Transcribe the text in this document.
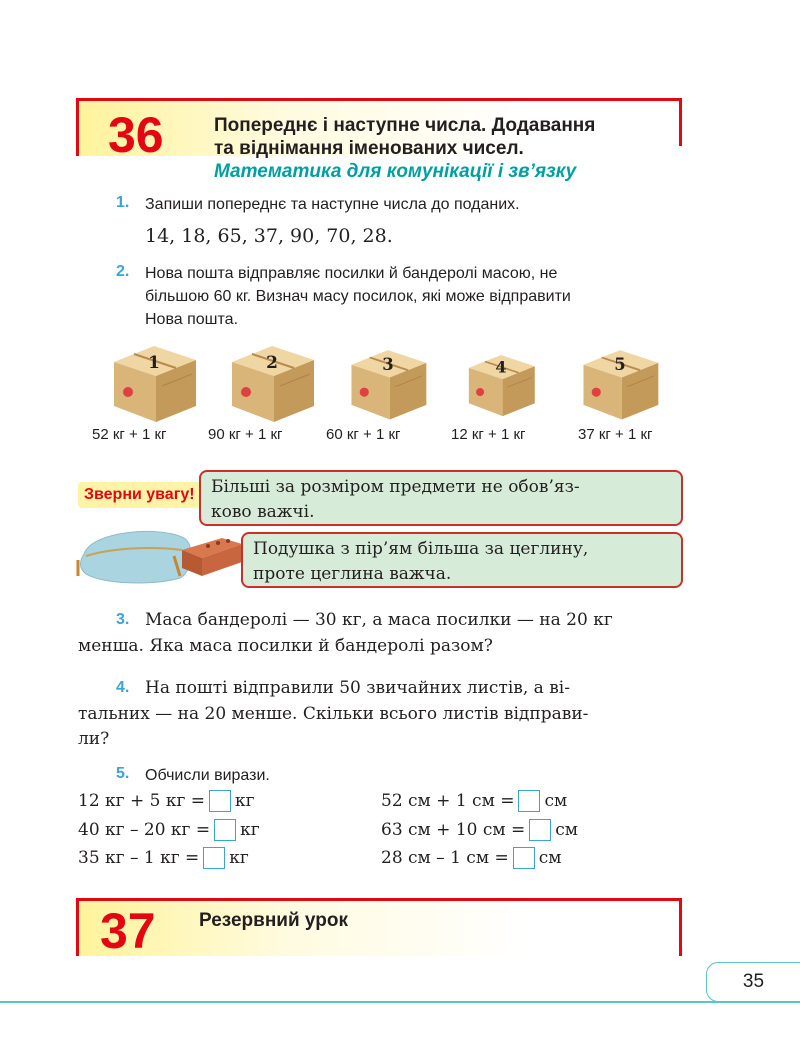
36	Попереднє і наступне числа. Додавання
та віднімання іменованих чисел.
Математика для комунікації і зв’язку
1. Запиши попереднє та наступне числа до поданих.
14, 18, 65, 37, 90, 70, 28.
2. Нова пошта відправляє посилки й бандеролі масою, не
більшою 60 кг. Визнач масу посилок, які може відправити
Нова пошта.
1	2	3	4	5
52 кг + 1 кг	90 кг + 1 кг	60 кг + 1 кг	12 кг + 1 кг	37 кг + 1 кг
Зверни увагу! Більші за розміром предмети не обов’яз-
ково важчі.
Подушка з пір’ям більша за цеглину,
проте цеглина важча.
3. Маса бандеролі — 30 кг, а маса посилки — на 20 кг
менша. Яка маса посилки й бандеролі разом?
4. На пошті відправили 50 звичайних листів, а ві-
тальних — на 20 менше. Скільки всього листів відправи-
ли?
5. Обчисли вирази.
12 кг + 5 кг = кг
40 кг – 20 кг = кг
35 кг – 1 кг = кг
52 см + 1 см = см
63 см + 10 см = см
28 см – 1 см = см
37 Резервний урок
35
